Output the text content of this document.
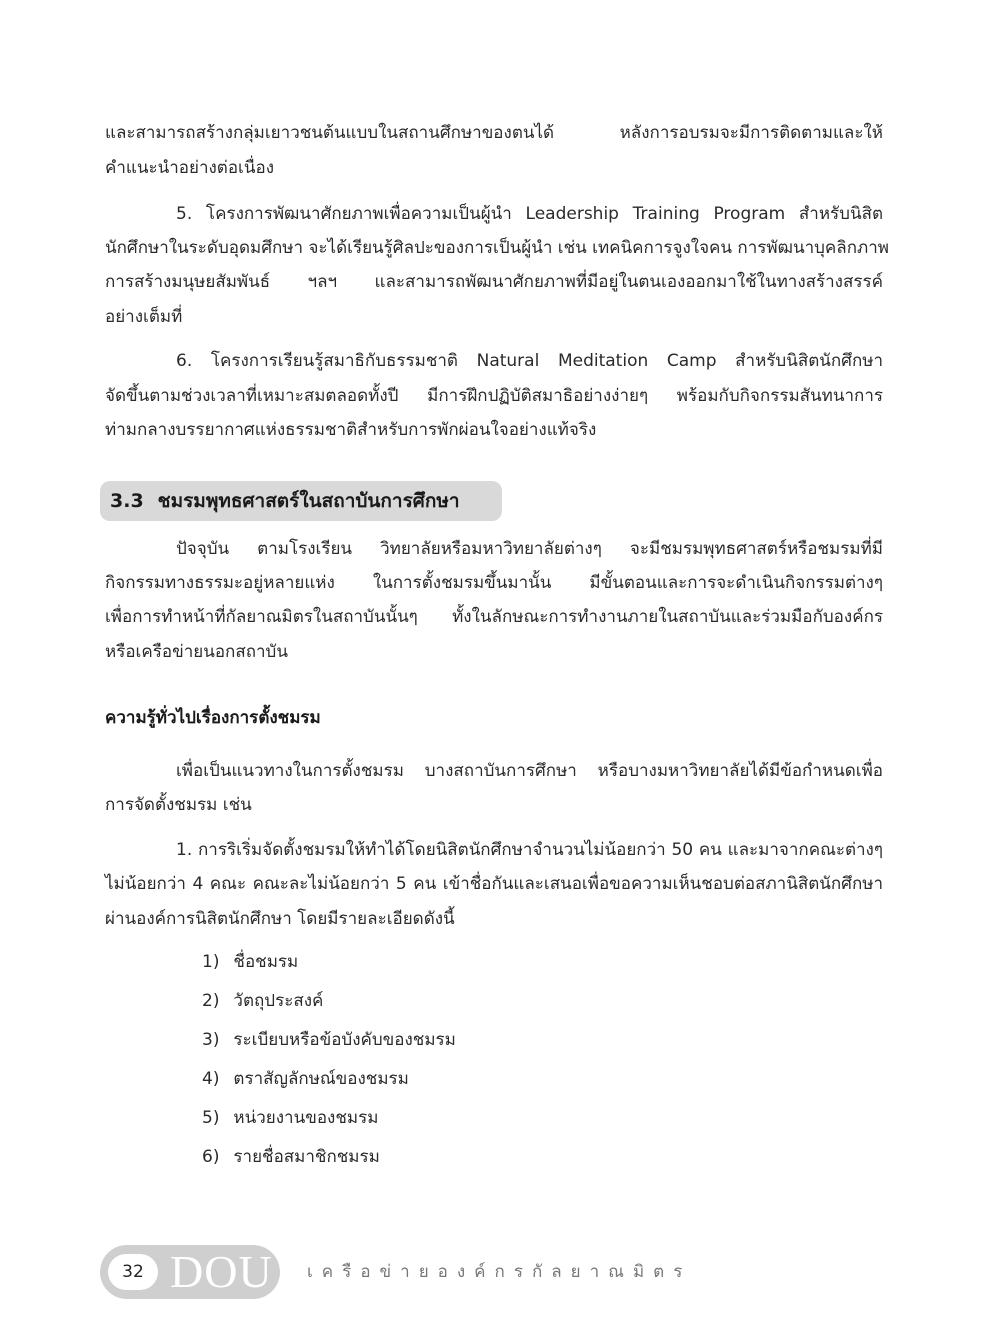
และสามารถสร้างกลุ่มเยาวชนต้นแบบในสถานศึกษาของตนได้ หลังการอบรมจะมีการติดตามและให้

คำแนะนำอย่างต่อเนื่อง

5. โครงการพัฒนาศักยภาพเพื่อความเป็นผู้นำ Leadership Training Program สำหรับนิสิต

นักศึกษาในระดับอุดมศึกษา จะได้เรียนรู้ศิลปะของการเป็นผู้นำ เช่น เทคนิคการจูงใจคน การพัฒนาบุคลิกภาพ

การสร้างมนุษยสัมพันธ์ ฯลฯ และสามารถพัฒนาศักยภาพที่มีอยู่ในตนเองออกมาใช้ในทางสร้างสรรค์

อย่างเต็มที่

6. โครงการเรียนรู้สมาธิกับธรรมชาติ Natural Meditation Camp สำหรับนิสิตนักศึกษา

จัดขึ้นตามช่วงเวลาที่เหมาะสมตลอดทั้งปี มีการฝึกปฏิบัติสมาธิอย่างง่ายๆ พร้อมกับกิจกรรมสันทนาการ

ท่ามกลางบรรยากาศแห่งธรรมชาติสำหรับการพักผ่อนใจอย่างแท้จริง

3.3 ชมรมพุทธศาสตร์ในสถาบันการศึกษา

ปัจจุบัน ตามโรงเรียน วิทยาลัยหรือมหาวิทยาลัยต่างๆ จะมีชมรมพุทธศาสตร์หรือชมรมที่มี

กิจกรรมทางธรรมะอยู่หลายแห่ง ในการตั้งชมรมขึ้นมานั้น มีขั้นตอนและการจะดำเนินกิจกรรมต่างๆ

เพื่อการทำหน้าที่กัลยาณมิตรในสถาบันนั้นๆ ทั้งในลักษณะการทำงานภายในสถาบันและร่วมมือกับองค์กร

หรือเครือข่ายนอกสถาบัน

ความรู้ทั่วไปเรื่องการตั้งชมรม

เพื่อเป็นแนวทางในการตั้งชมรม บางสถาบันการศึกษา หรือบางมหาวิทยาลัยได้มีข้อกำหนดเพื่อ

การจัดตั้งชมรม เช่น

1. การริเริ่มจัดตั้งชมรมให้ทำได้โดยนิสิตนักศึกษาจำนวนไม่น้อยกว่า 50 คน และมาจากคณะต่างๆ

ไม่น้อยกว่า 4 คณะ คณะละไม่น้อยกว่า 5 คน เข้าชื่อกันและเสนอเพื่อขอความเห็นชอบต่อสภานิสิตนักศึกษา

ผ่านองค์การนิสิตนักศึกษา โดยมีรายละเอียดดังนี้

1) ชื่อชมรม
2) วัตถุประสงค์
3) ระเบียบหรือข้อบังคับของชมรม
4) ตราสัญลักษณ์ของชมรม
5) หน่วยงานของชมรม
6) รายชื่อสมาชิกชมรม
32 DOU เครือข่ายองค์กรกัลยาณมิตร
